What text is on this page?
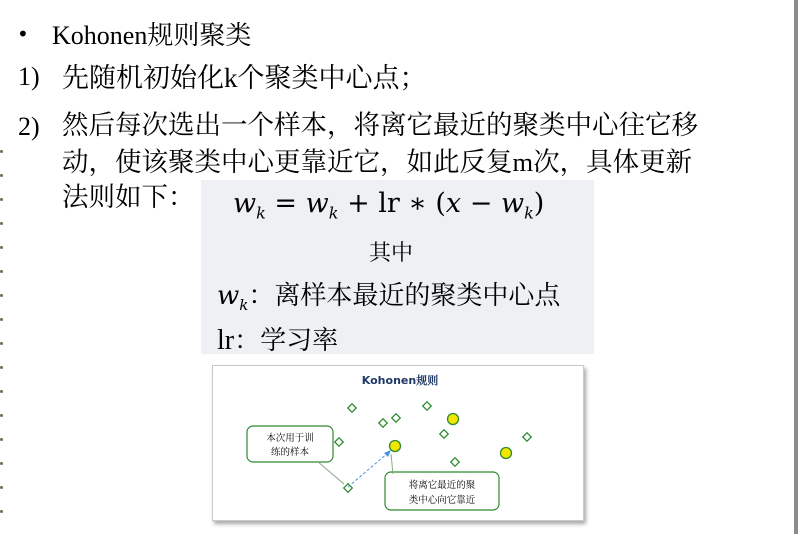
• Kohonen规则聚类
1) 先随机初始化k个聚类中心点；
2) 然后每次选出一个样本，将离它最近的聚类中心往它移
动，使该聚类中心更靠近它，如此反复m次，具体更新
法则如下： $w_k = w_k$ + lr ∗ $(x - w_k)$
其中
$w_k$：离样本最近的聚类中心点
lr：学习率
Kohonen规则
本次用于训
练的样本
将离它最近的聚
类中心向它靠近
